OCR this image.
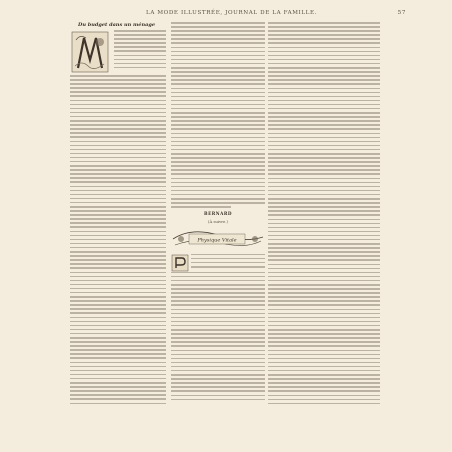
LA MODE ILLUSTRÉE, JOURNAL DE LA FAMILLE.	57
Du budget dans un ménage
BERNARD
(À suivre.)
Physique Vitale
